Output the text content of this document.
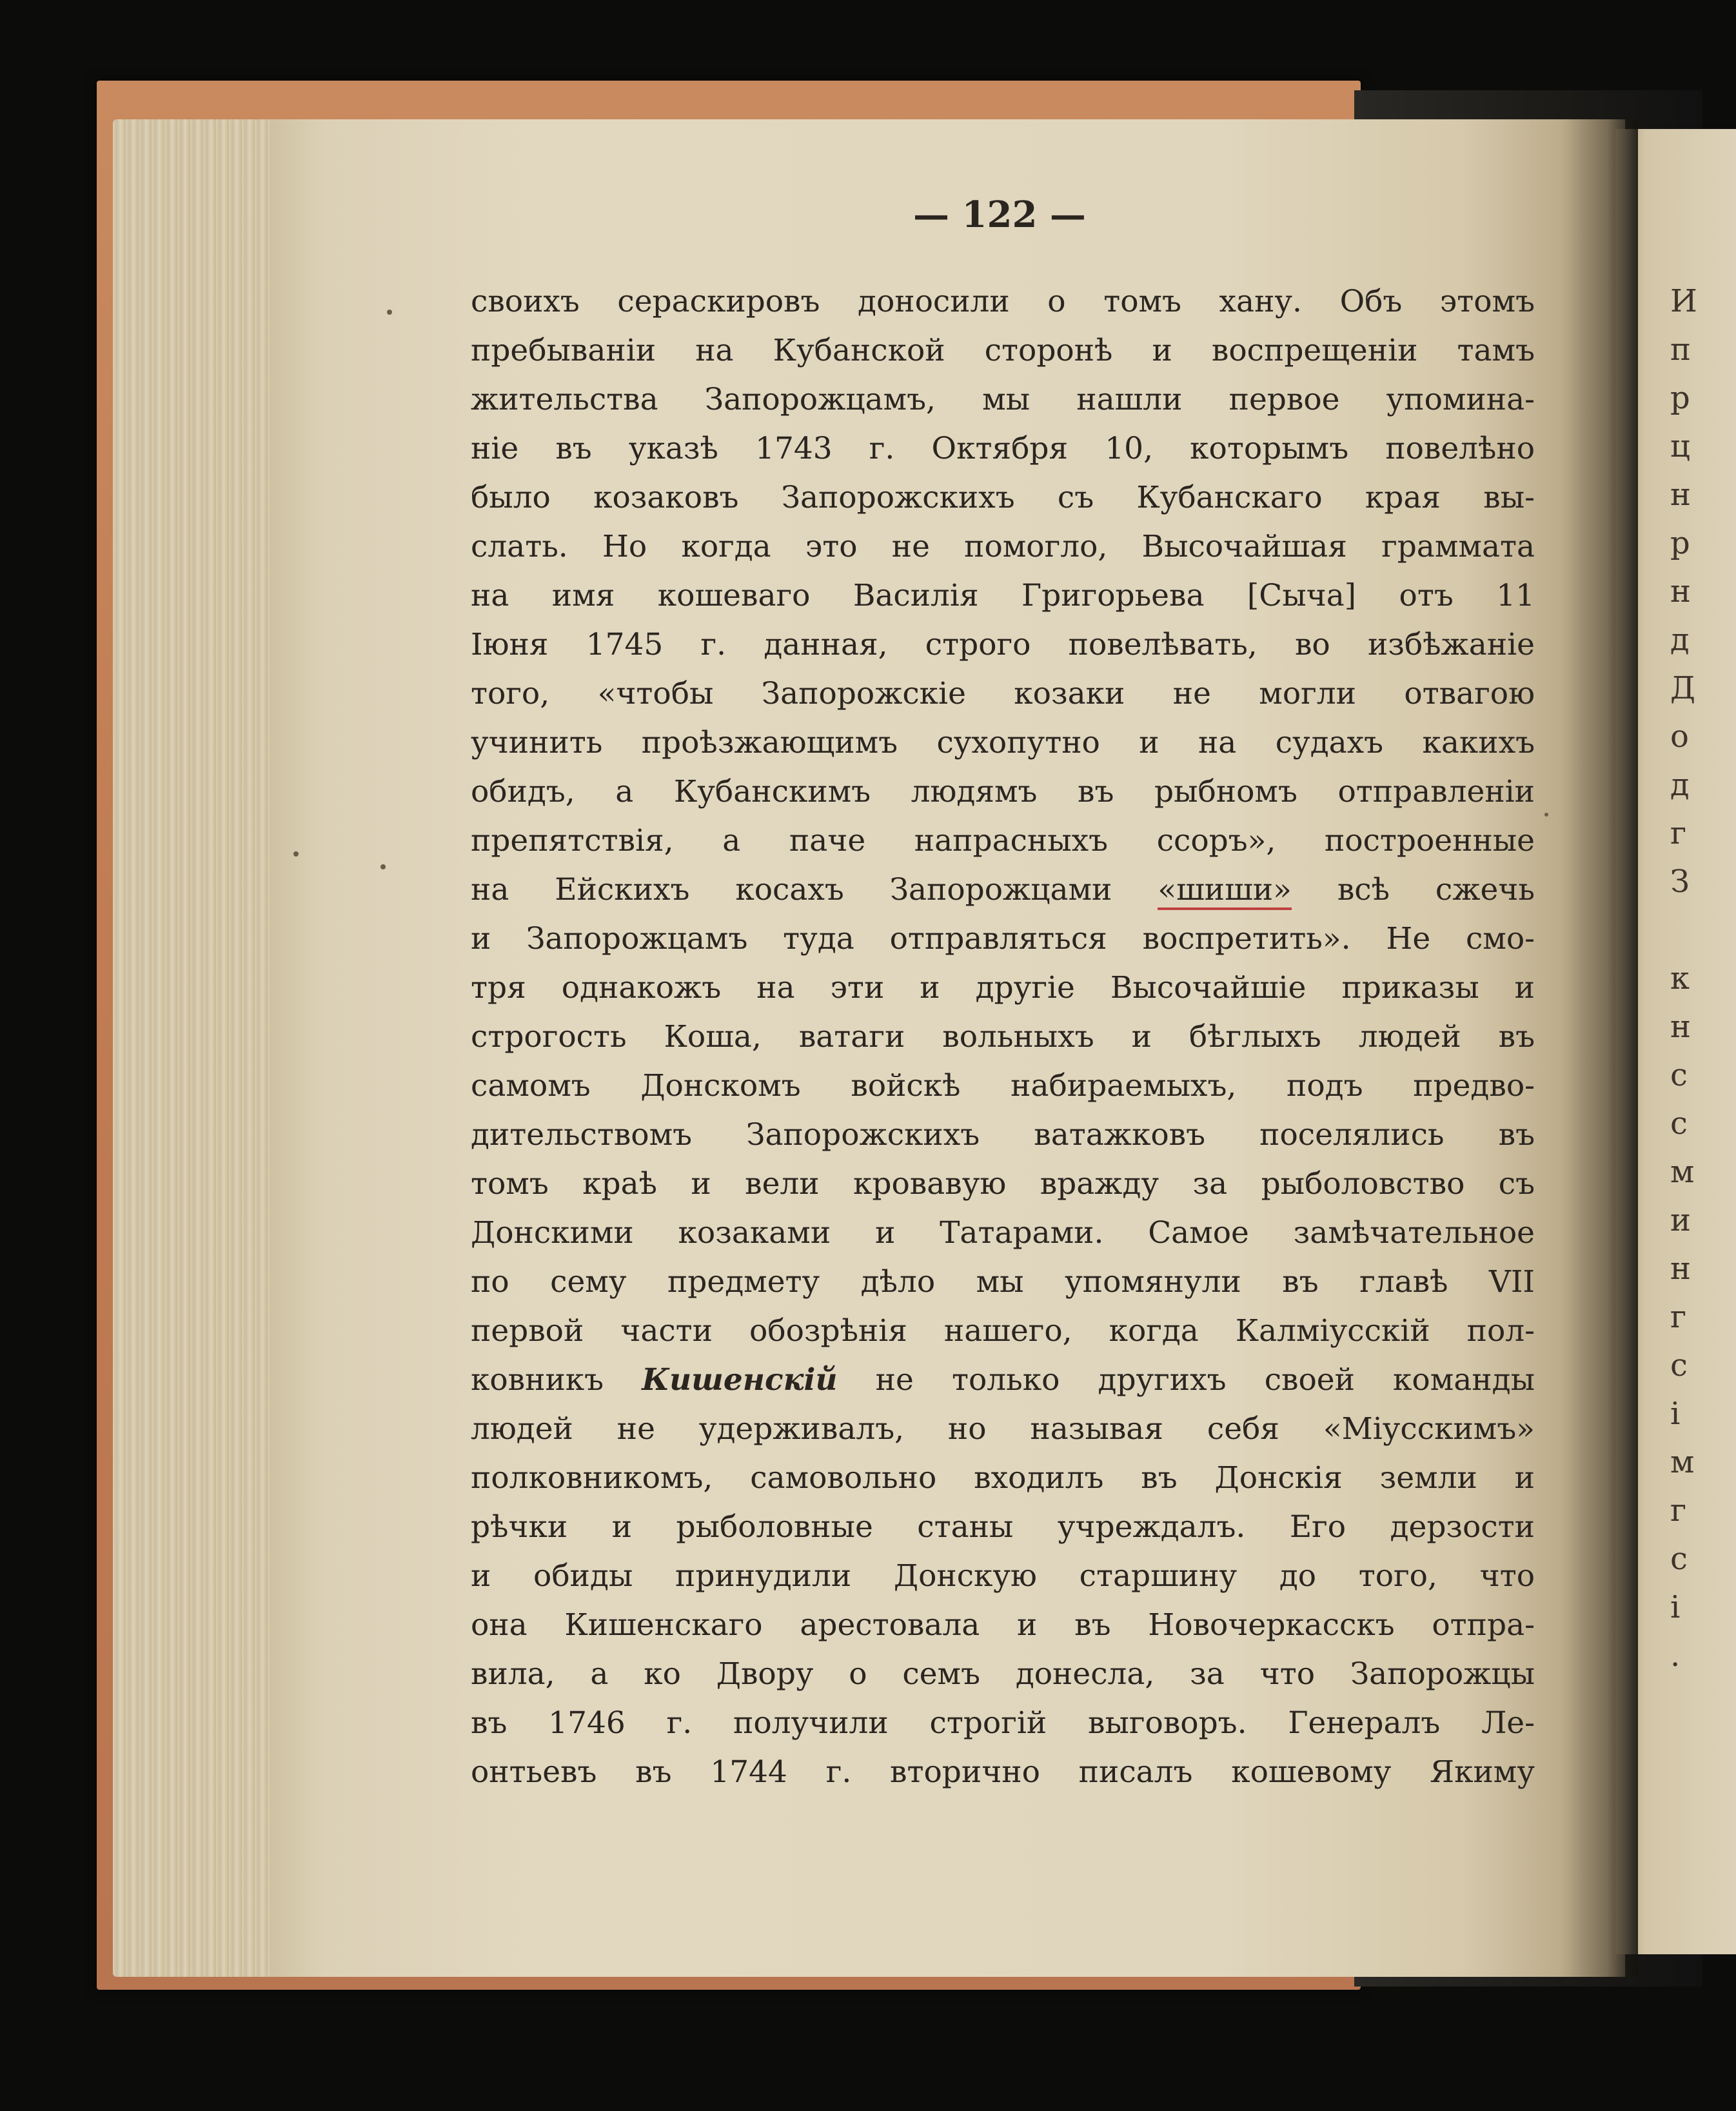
— 122 —
своихъ сераскировъ доносили о томъ хану. Объ этомъ
пребываніи на Кубанской сторонѣ и воспрещеніи тамъ
жительства Запорожцамъ, мы нашли первое упомина-
ніе въ указѣ 1743 г. Октября 10, которымъ повелѣно
было козаковъ Запорожскихъ съ Кубанскаго края вы-
слать. Но когда это не помогло, Высочайшая граммата
на имя кошеваго Василія Григорьева [Сыча] отъ 11
Іюня 1745 г. данная, строго повелѣвать, во избѣжаніе
того, «чтобы Запорожскіе козаки не могли отвагою
учинить проѣзжающимъ сухопутно и на судахъ какихъ
обидъ, а Кубанскимъ людямъ въ рыбномъ отправленіи
препятствія, а паче напрасныхъ ссоръ», построенные
на Ейскихъ косахъ Запорожцами «шиши» всѣ сжечь
и Запорожцамъ туда отправляться воспретить». Не смо-
тря однакожъ на эти и другіе Высочайшіе приказы и
строгость Коша, ватаги вольныхъ и бѣглыхъ людей въ
самомъ Донскомъ войскѣ набираемыхъ, подъ предво-
дительствомъ Запорожскихъ ватажковъ поселялись въ
томъ краѣ и вели кровавую вражду за рыболовство съ
Донскими козаками и Татарами. Самое замѣчательное
по сему предмету дѣло мы упомянули въ главѣ VII
первой части обозрѣнія нашего, когда Калміусскій пол-
ковникъ Кишенскій не только другихъ своей команды
людей не удерживалъ, но называя себя «Міусскимъ»
полковникомъ, самовольно входилъ въ Донскія земли и
рѣчки и рыболовные станы учреждалъ. Его дерзости
и обиды принудили Донскую старшину до того, что
она Кишенскаго арестовала и въ Новочеркасскъ отпра-
вила, а ко Двору о семъ донесла, за что Запорожцы
въ 1746 г. получили строгій выговоръ. Генералъ Ле-
онтьевъ въ 1744 г. вторично писалъ кошевому Якиму
И
п
р
ц
н
р
н
д
Д
о
д
г
З
к
н
с
с
м
и
н
г
с
і
м
г
с
і
.
